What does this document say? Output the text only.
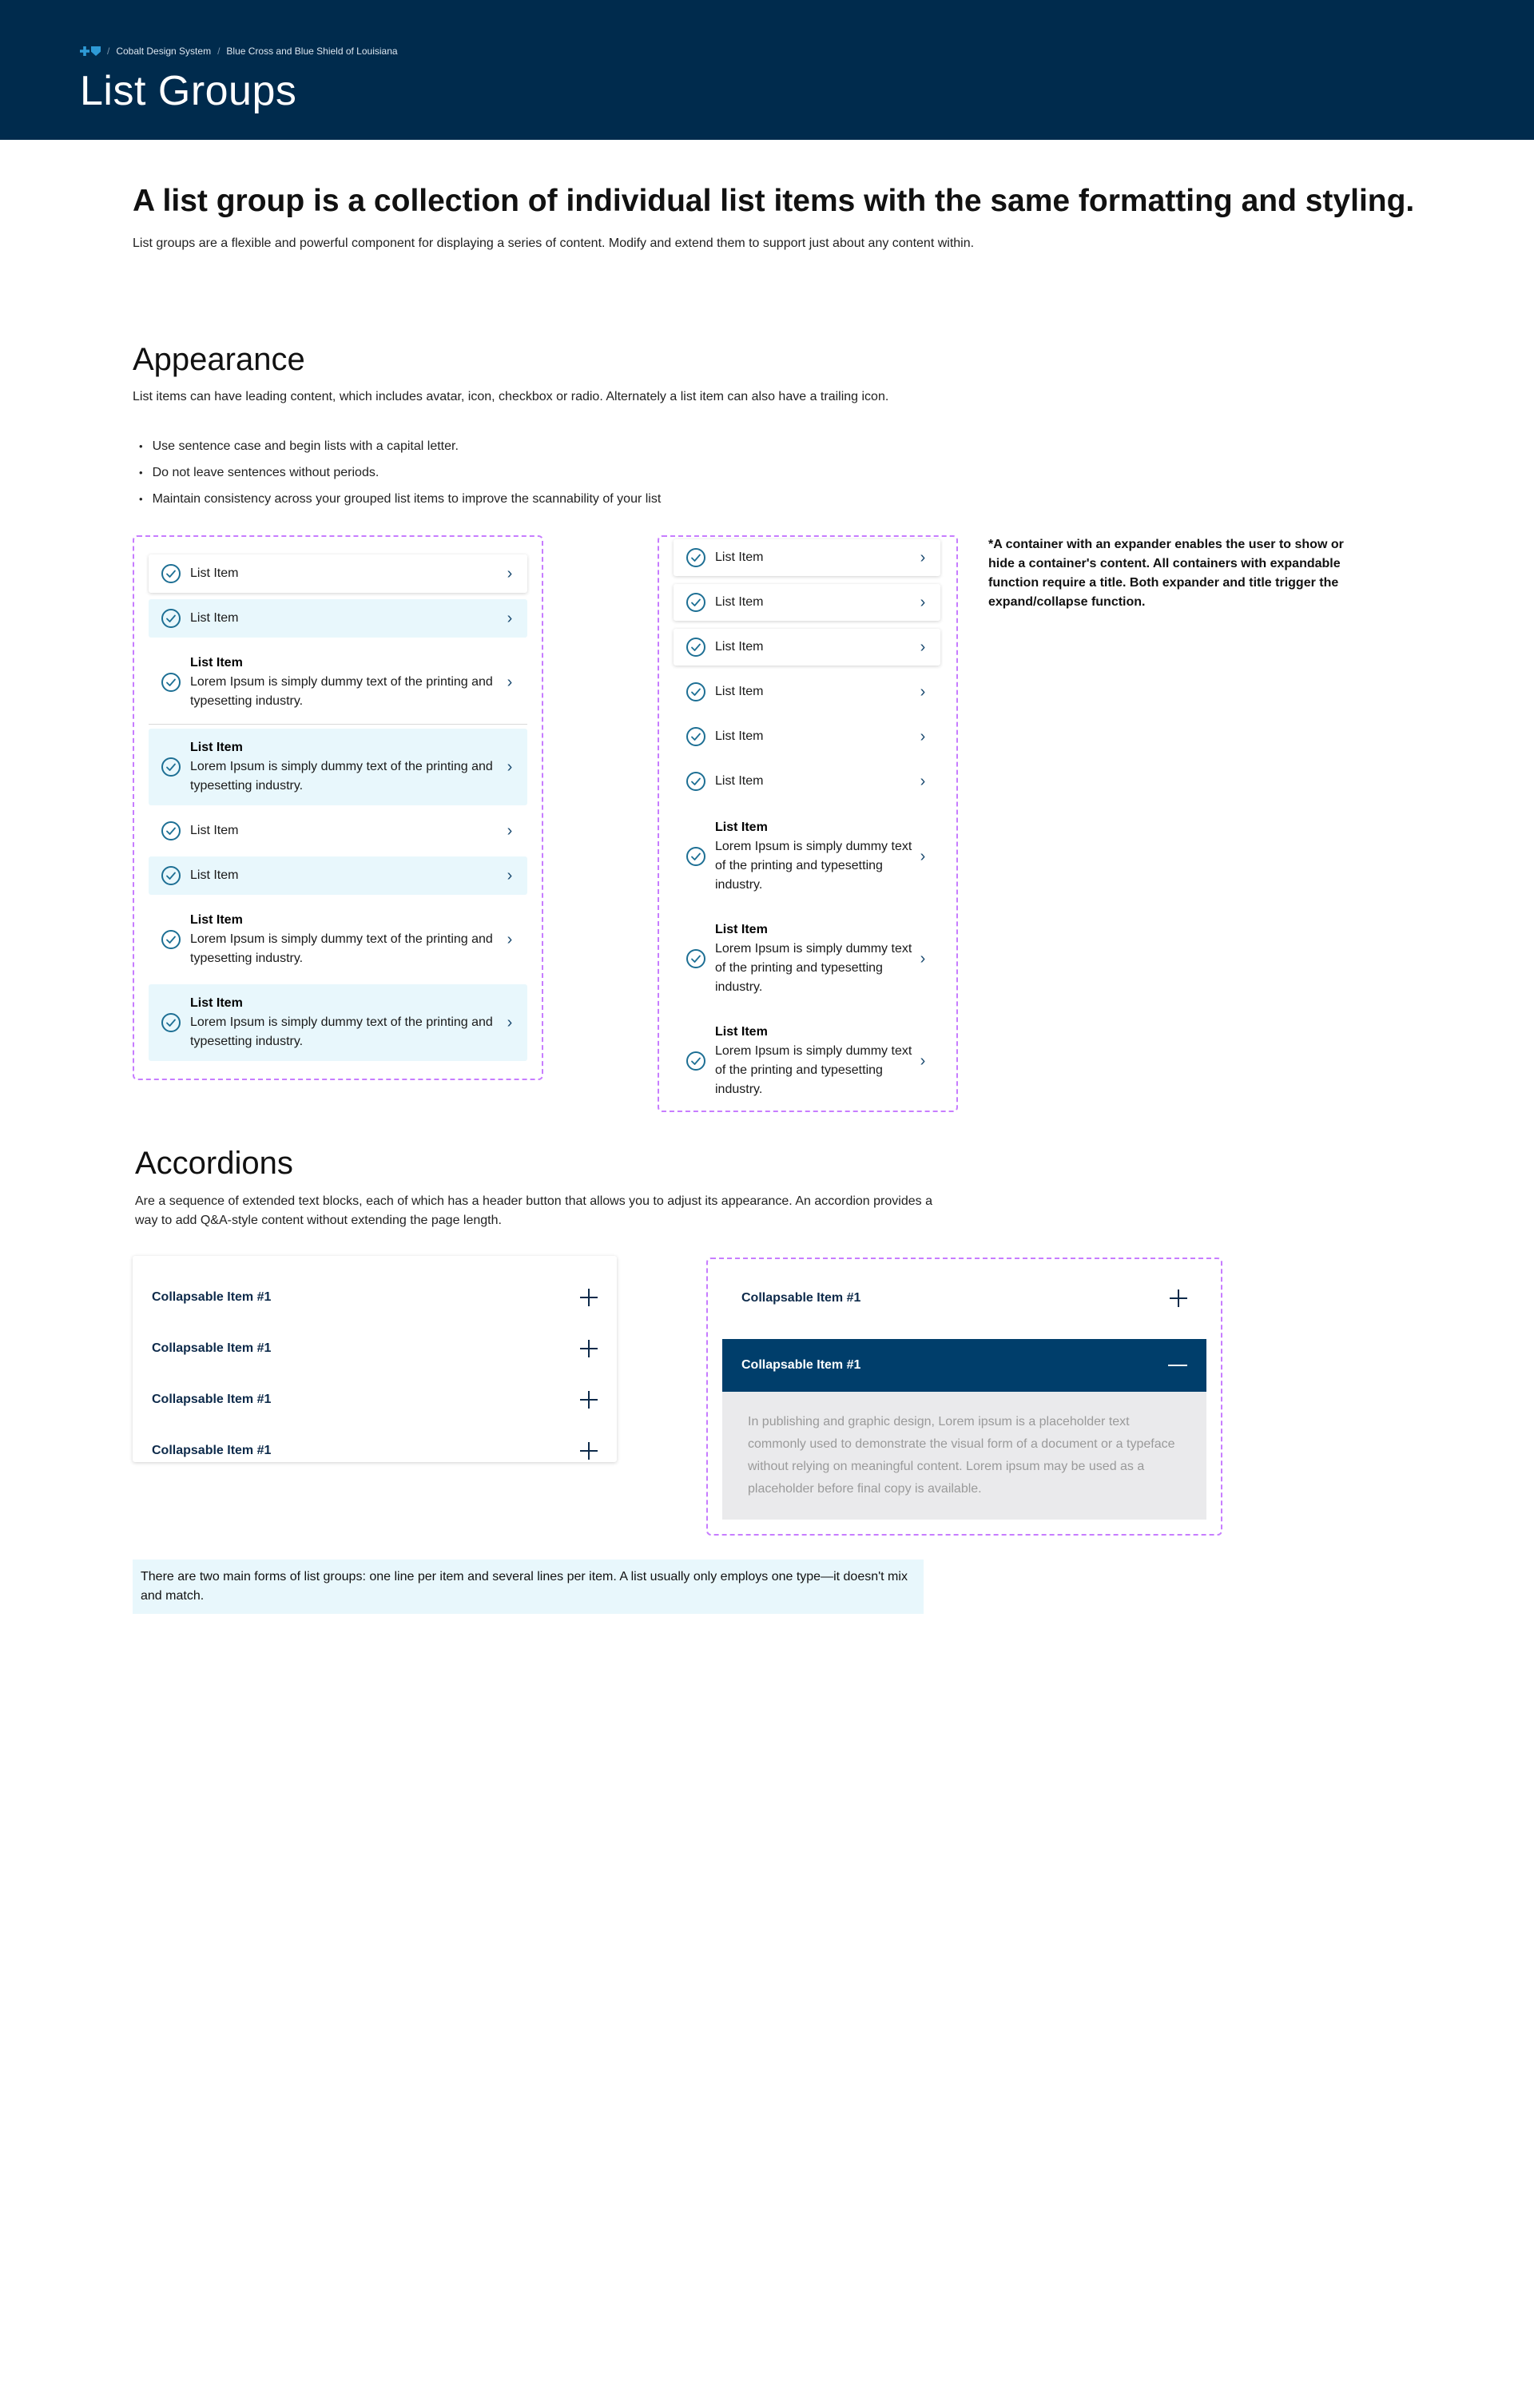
/ Cobalt Design System / Blue Cross and Blue Shield of Louisiana
List Groups
A list group is a collection of individual list items with the same formatting and styling.

List groups are a flexible and powerful component for displaying a series of content. Modify and extend them to support just about any content within.

Appearance

List items can have leading content, which includes avatar, icon, checkbox or radio. Alternately a list item can also have a trailing icon.

• Use sentence case and begin lists with a capital letter.
• Do not leave sentences without periods.
• Maintain consistency across your grouped list items to improve the scannability of your list
*A container with an expander enables the user to show or hide a container's content. All containers with expandable function require a title. Both expander and title trigger the expand/collapse function.
Accordions

Are a sequence of extended text blocks, each of which has a header button that allows you to adjust its appearance. An accordion provides a way to add Q&A-style content without extending the page length.

Collapsable Item #1
Collapsable Item #1
Collapsable Item #1
Collapsable Item #1
Collapsable Item #1
Collapsable Item #1
In publishing and graphic design, Lorem ipsum is a placeholder text commonly used to demonstrate the visual form of a document or a typeface without relying on meaningful content. Lorem ipsum may be used as a placeholder before final copy is available.
There are two main forms of list groups: one line per item and several lines per item. A list usually only employs one type—it doesn't mix and match.
List Item	›
List Item	›
List Item
Lorem Ipsum is simply dummy text of the printing and typesetting industry.
›
List Item
Lorem Ipsum is simply dummy text of the printing and typesetting industry.
›
List Item	›
List Item	›
List Item
Lorem Ipsum is simply dummy text of the printing and typesetting industry.
›
List Item
Lorem Ipsum is simply dummy text of the printing and typesetting industry.
›
List Item	›
List Item	›
List Item	›
List Item	›
List Item	›
List Item	›
List Item
Lorem Ipsum is simply dummy text of the printing and typesetting industry.
›
List Item
Lorem Ipsum is simply dummy text of the printing and typesetting industry.
›
List Item
Lorem Ipsum is simply dummy text of the printing and typesetting industry.
›
